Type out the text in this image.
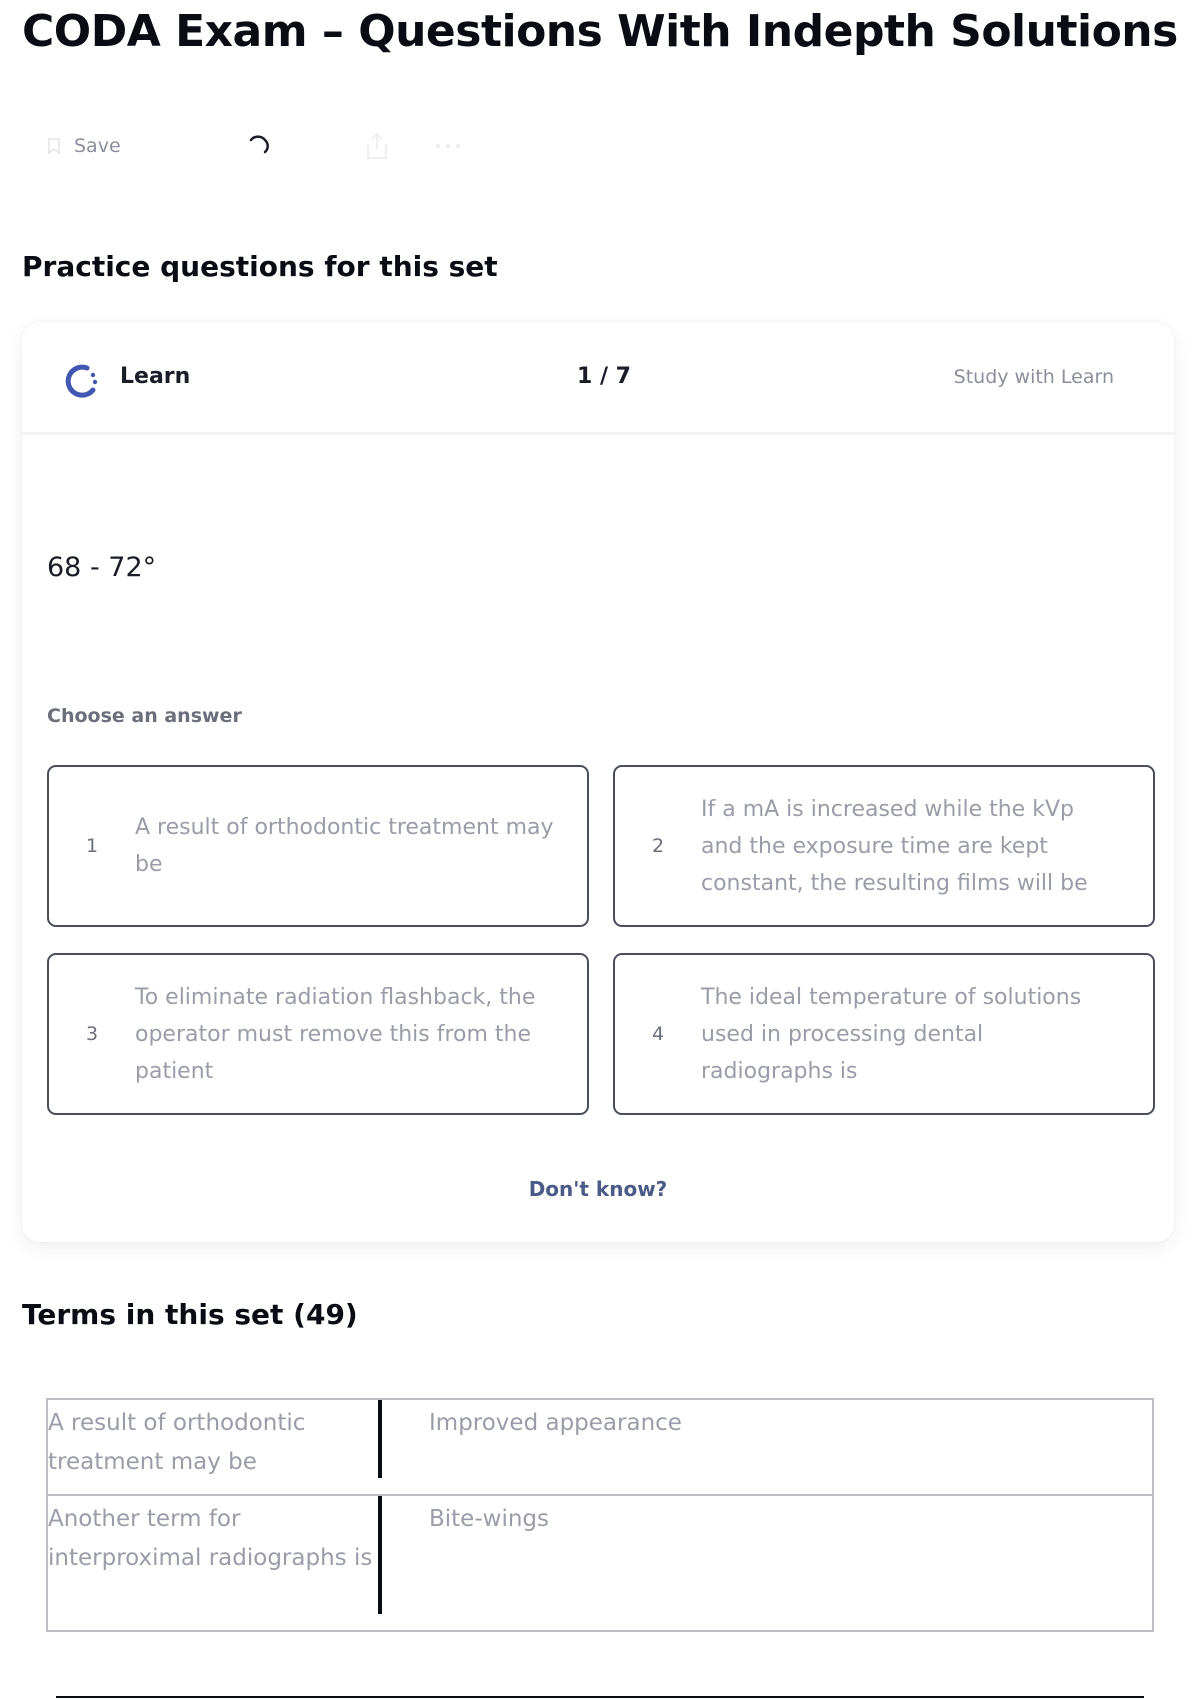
CODA Exam – Questions With Indepth Solutions
Save
Practice questions for this set
Learn	1 / 7	Study with Learn
68 - 72°
Choose an answer
1
A result of orthodontic treatment may be
2
If a mA is increased while the kVp and the exposure time are kept constant, the resulting films will be
3
To eliminate radiation flashback, the operator must remove this from the patient
4
The ideal temperature of solutions used in processing dental radiographs is
Don't know?
Terms in this set (49)
A result of orthodontic treatment may be
Improved appearance
Another term for interproximal radiographs is
Bite-wings
